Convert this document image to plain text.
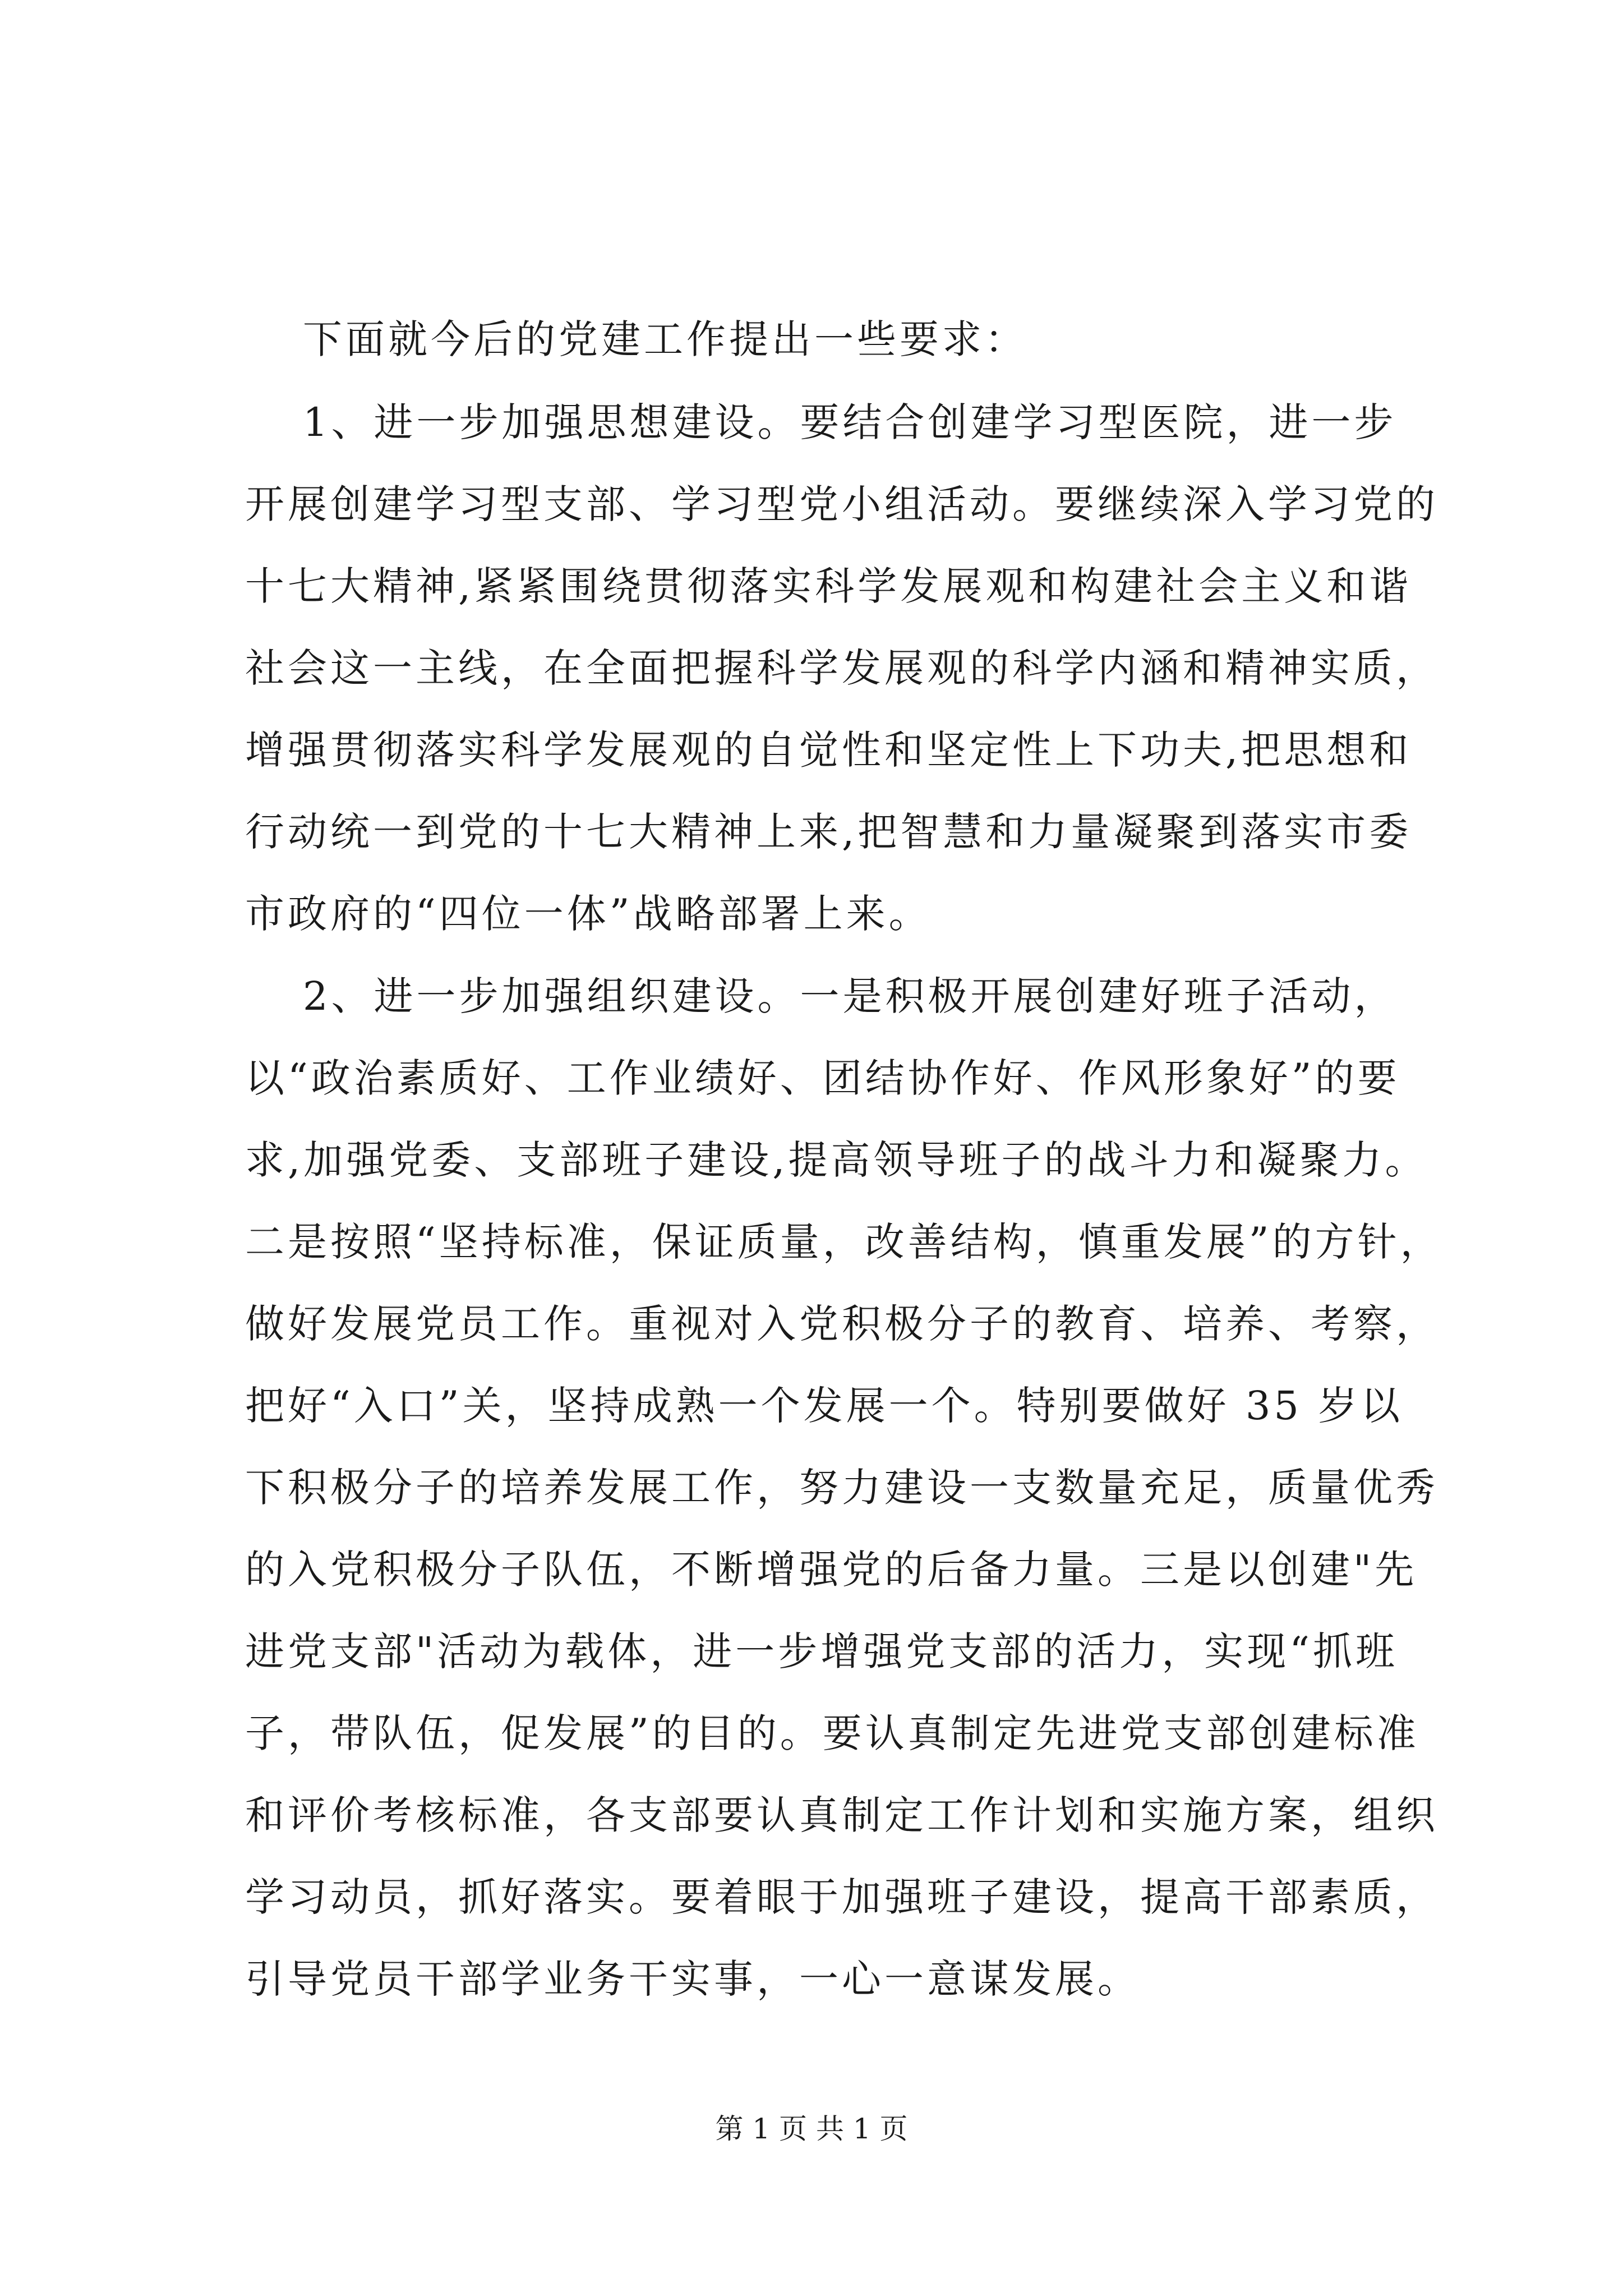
下面就今后的党建工作提出一些要求：

1、进一步加强思想建设。要结合创建学习型医院，进一步

开展创建学习型支部、学习型党小组活动。要继续深入学习党的

十七大精神,紧紧围绕贯彻落实科学发展观和构建社会主义和谐

社会这一主线，在全面把握科学发展观的科学内涵和精神实质，

增强贯彻落实科学发展观的自觉性和坚定性上下功夫,把思想和

行动统一到党的十七大精神上来,把智慧和力量凝聚到落实市委

市政府的“四位一体”战略部署上来。

2、进一步加强组织建设。一是积极开展创建好班子活动，

以“政治素质好、工作业绩好、团结协作好、作风形象好”的要

求,加强党委、支部班子建设,提高领导班子的战斗力和凝聚力。

二是按照“坚持标准，保证质量，改善结构，慎重发展”的方针，

做好发展党员工作。重视对入党积极分子的教育、培养、考察，

把好“入口”关，坚持成熟一个发展一个。特别要做好 35 岁以

下积极分子的培养发展工作，努力建设一支数量充足，质量优秀

的入党积极分子队伍，不断增强党的后备力量。三是以创建"先

进党支部"活动为载体，进一步增强党支部的活力，实现“抓班

子，带队伍，促发展”的目的。要认真制定先进党支部创建标准

和评价考核标准，各支部要认真制定工作计划和实施方案，组织

学习动员，抓好落实。要着眼于加强班子建设，提高干部素质，

引导党员干部学业务干实事，一心一意谋发展。

第 1 页 共 1 页
